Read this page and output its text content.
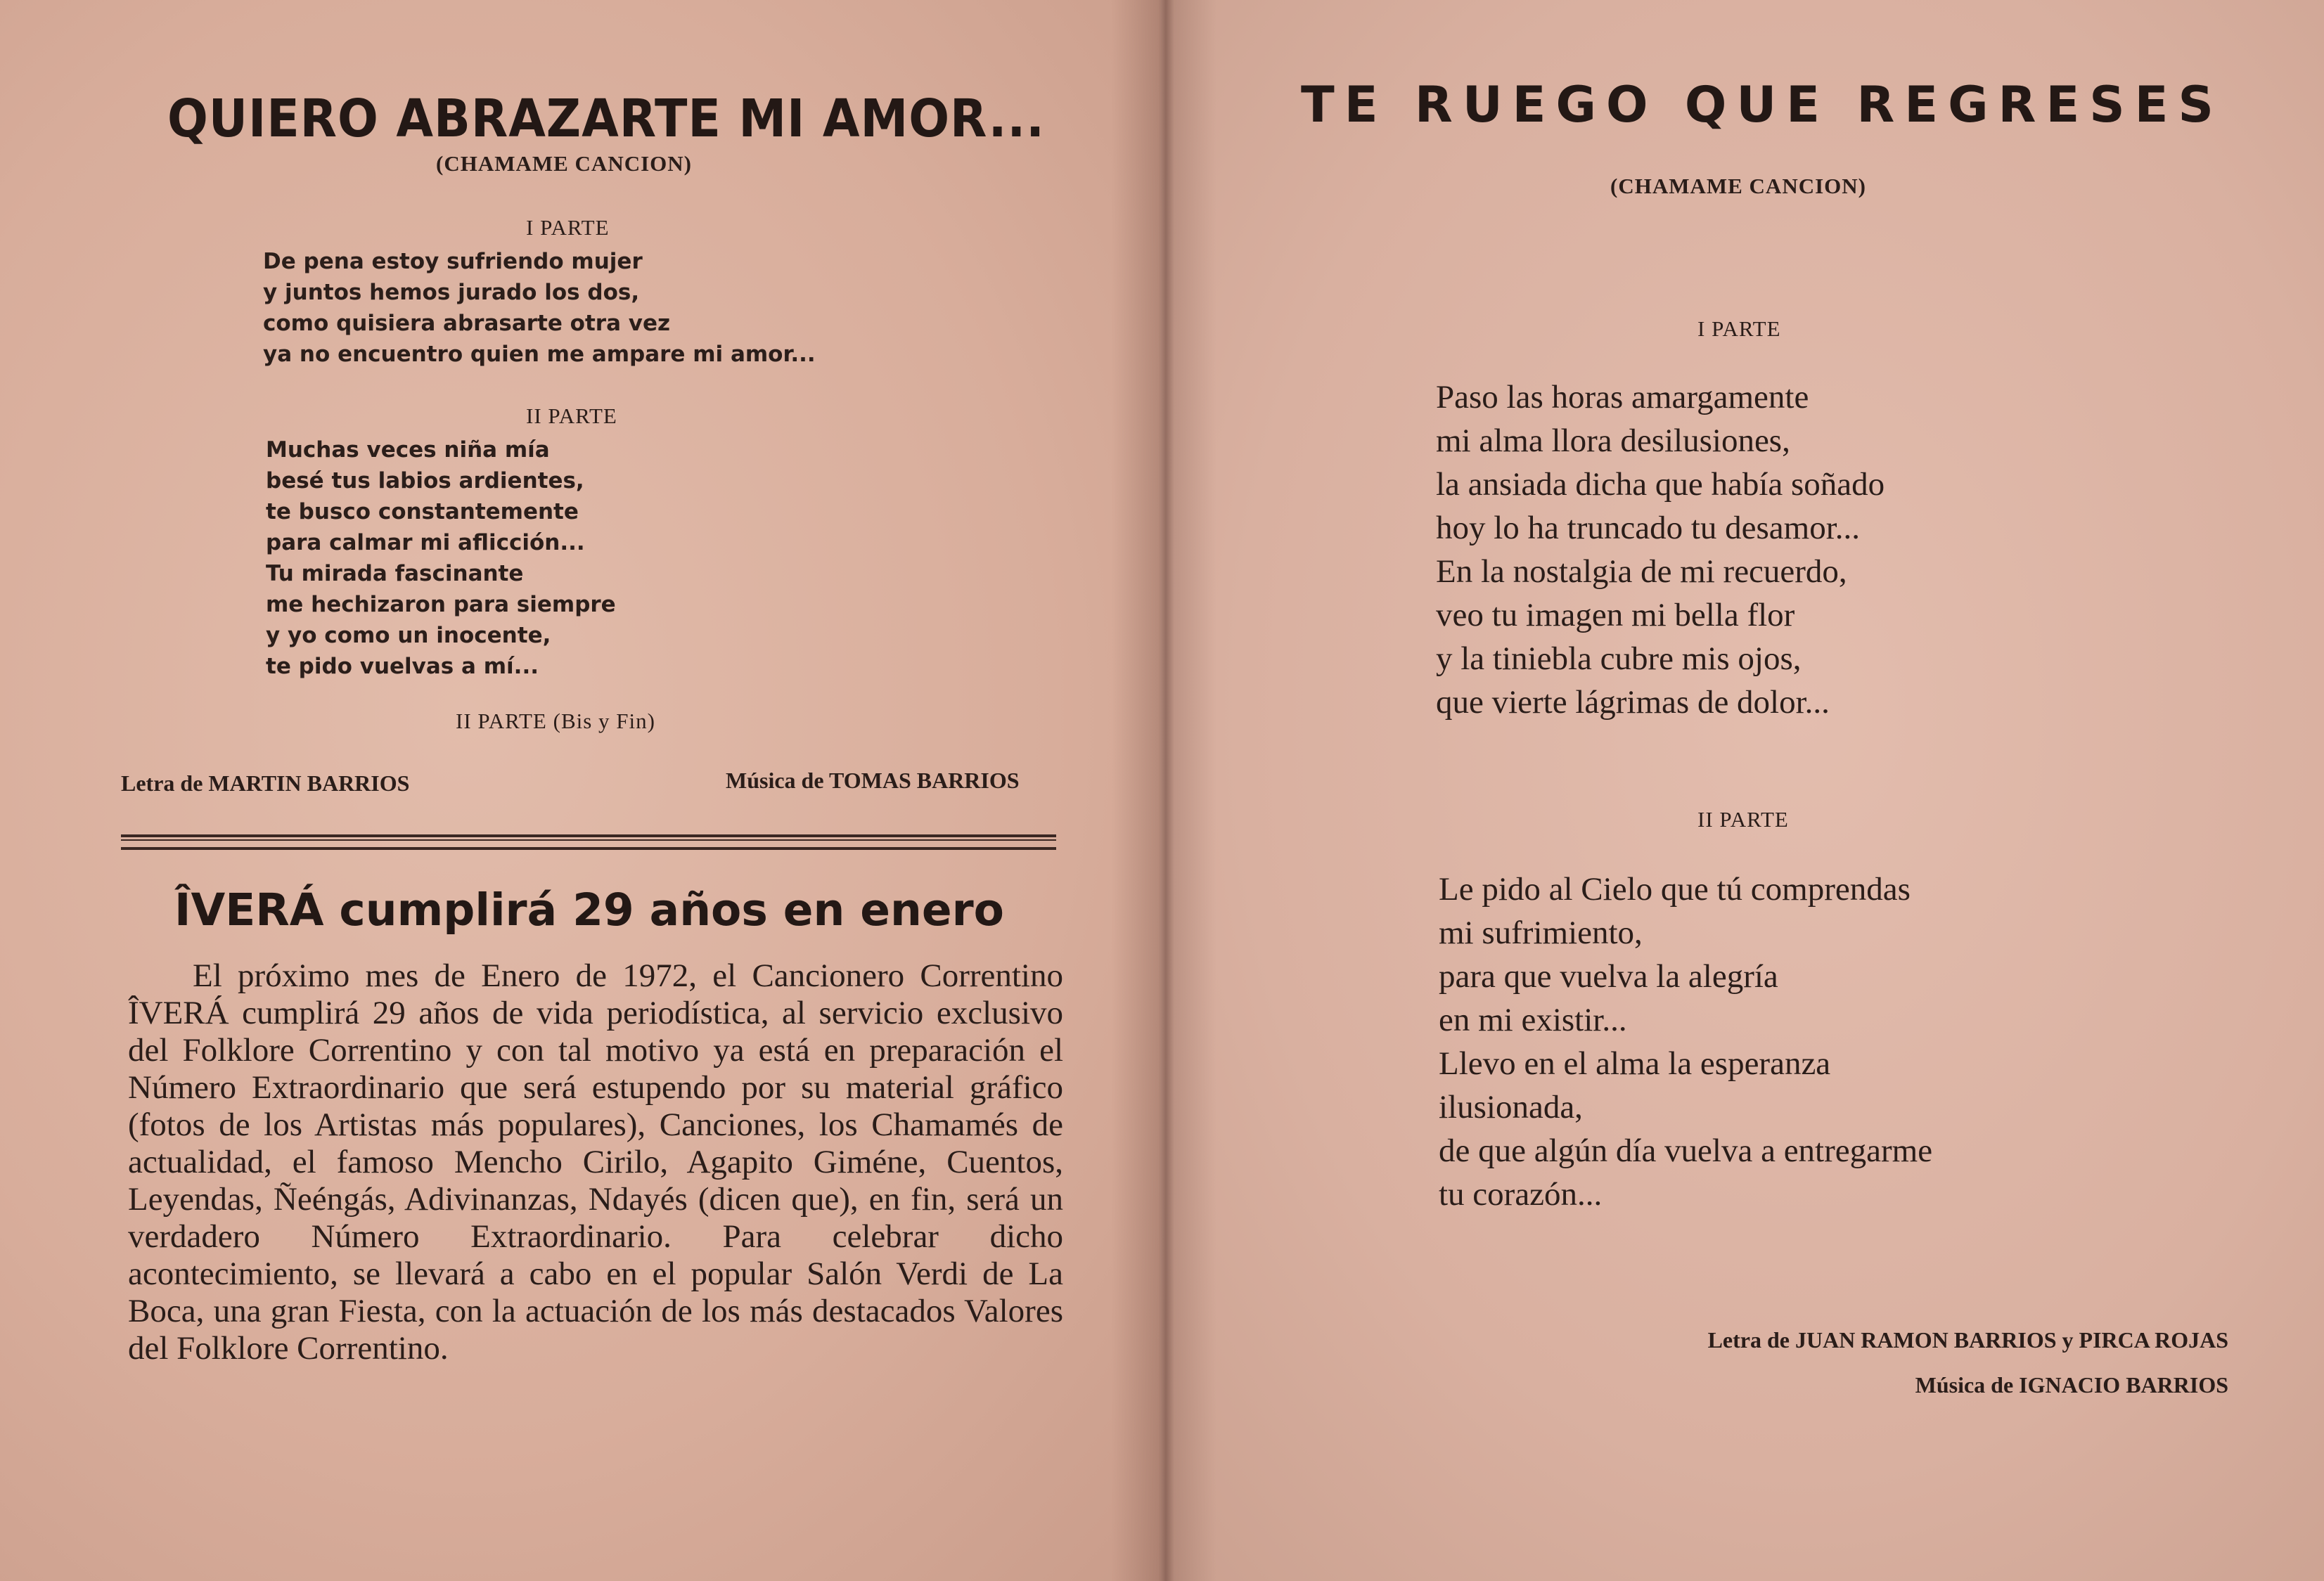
QUIERO ABRAZARTE MI AMOR...
(CHAMAME CANCION)
I PARTE
De pena estoy sufriendo mujer
y juntos hemos jurado los dos,
como quisiera abrasarte otra vez
ya no encuentro quien me ampare mi amor...
II PARTE
Muchas veces niña mía
besé tus labios ardientes,
te busco constantemente
para calmar mi aflicción...
Tu mirada fascinante
me hechizaron para siempre
y yo como un inocente,
te pido vuelvas a mí...
II PARTE (Bis y Fin)
Letra de MARTIN BARRIOS	Música de TOMAS BARRIOS
ÎVERÁ cumplirá 29 años en enero

El próximo mes de Enero de 1972, el Cancionero Correntino ÎVERÁ cumplirá 29 años de vida periodística, al servicio exclusivo del Folklore Correntino y con tal motivo ya está en preparación el Número Extraordinario que será estupendo por su material gráfico (fotos de los Artistas más populares), Canciones, los Chamamés de actualidad, el famoso Mencho Cirilo, Agapito Giméne, Cuentos, Leyendas, Ñeéngás, Adivinanzas, Ndayés (dicen que), en fin, será un verdadero Número Extraordinario. Para celebrar dicho acontecimiento, se llevará a cabo en el popular Salón Verdi de La Boca, una gran Fiesta, con la actuación de los más destacados Valores del Folklore Correntino.

TE RUEGO QUE REGRESES
(CHAMAME CANCION)
I PARTE
Paso las horas amargamente
mi alma llora desilusiones,
la ansiada dicha que había soñado
hoy lo ha truncado tu desamor...
En la nostalgia de mi recuerdo,
veo tu imagen mi bella flor
y la tiniebla cubre mis ojos,
que vierte lágrimas de dolor...
II PARTE
Le pido al Cielo que tú comprendas
mi sufrimiento,
para que vuelva la alegría
en mi existir...
Llevo en el alma la esperanza
ilusionada,
de que algún día vuelva a entregarme
tu corazón...
Letra de JUAN RAMON BARRIOS y PIRCA ROJAS
Música de IGNACIO BARRIOS
